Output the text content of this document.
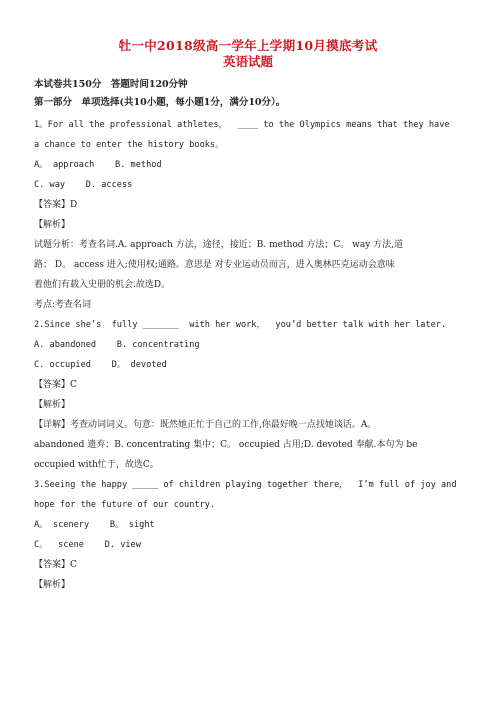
牡一中2018级高一学年上学期10月摸底考试
英语试题
本试卷共150分　答题时间120分钟
第一部分　单项选择(共10小题，每小题1分，满分10分）。
1。For all the professional athletes，  ____ to the Olympics means that they have
a chance to enter the history books。
A。 approach    B. method
C. way    D. access
【答案】D
【解析】
试题分析：考查名词.A. approach 方法，途径，接近；B. method 方法；C。 way 方法,道
路； D。 access 进入;使用权;通路。意思是 对专业运动员而言，进入奥林匹克运动会意味
着他们有载入史册的机会.故选D。
考点:考查名词
2.Since she’s  fully _______  with her work，  you’d better talk with her later.
A. abandoned    B. concentrating
C. occupied    D。 devoted
【答案】C
【解析】
【详解】考查动词词义。句意：既然她正忙于自己的工作,你最好晚一点找她谈话。A。
abandoned 遗弃；B. concentrating 集中；C。 occupied 占用;D. devoted 奉献.本句为 be
occupied with忙于，故选C。
3.Seeing the happy _____ of children playing together there，  I’m full of joy and
hope for the future of our country.
A。 scenery    B。 sight
C。  scene    D. view
【答案】C
【解析】
